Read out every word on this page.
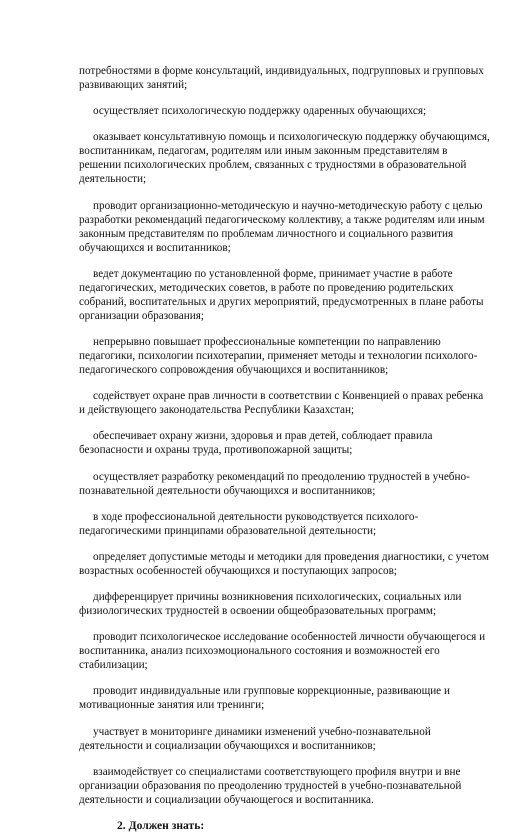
потребностями в форме консультаций, индивидуальных, подгрупповых и групповых развивающих занятий;

осуществляет психологическую поддержку одаренных обучающихся;

оказывает консультативную помощь и психологическую поддержку обучающимся, воспитанникам, педагогам, родителям или иным законным представителям в решении психологических проблем, связанных с трудностями в образовательной деятельности;

проводит организационно-методическую и научно-методическую работу с целью разработки рекомендаций педагогическому коллективу, а также родителям или иным законным представителям по проблемам личностного и социального развития обучающихся и воспитанников;

ведет документацию по установленной форме, принимает участие в работе педагогических, методических советов, в работе по проведению родительских собраний, воспитательных и других мероприятий, предусмотренных в плане работы организации образования;

непрерывно повышает профессиональные компетенции по направлению педагогики, психологии психотерапии, применяет методы и технологии психолого-педагогического сопровождения обучающихся и воспитанников;

содействует охране прав личности в соответствии с Конвенцией о правах ребенка и действующего законодательства Республики Казахстан;

обеспечивает охрану жизни, здоровья и прав детей, соблюдает правила безопасности и охраны труда, противопожарной защиты;

осуществляет разработку рекомендаций по преодолению трудностей в учебно-познавательной деятельности обучающихся и воспитанников;

в ходе профессиональной деятельности руководствуется психолого-педагогическими принципами образовательной деятельности;

определяет допустимые методы и методики для проведения диагностики, с учетом возрастных особенностей обучающихся и поступающих запросов;

дифференцирует причины возникновения психологических, социальных или физиологических трудностей в освоении общеобразовательных программ;

проводит психологическое исследование особенностей личности обучающегося и воспитанника, анализ психоэмоционального состояния и возможностей его стабилизации;

проводит индивидуальные или групповые коррекционные, развивающие и мотивационные занятия или тренинги;

участвует в мониторинге динамики изменений учебно-познавательной деятельности и социализации обучающихся и воспитанников;

взаимодействует со специалистами соответствующего профиля внутри и вне организации образования по преодолению трудностей в учебно-познавательной деятельности и социализации обучающегося и воспитанника.

2. Должен знать:
